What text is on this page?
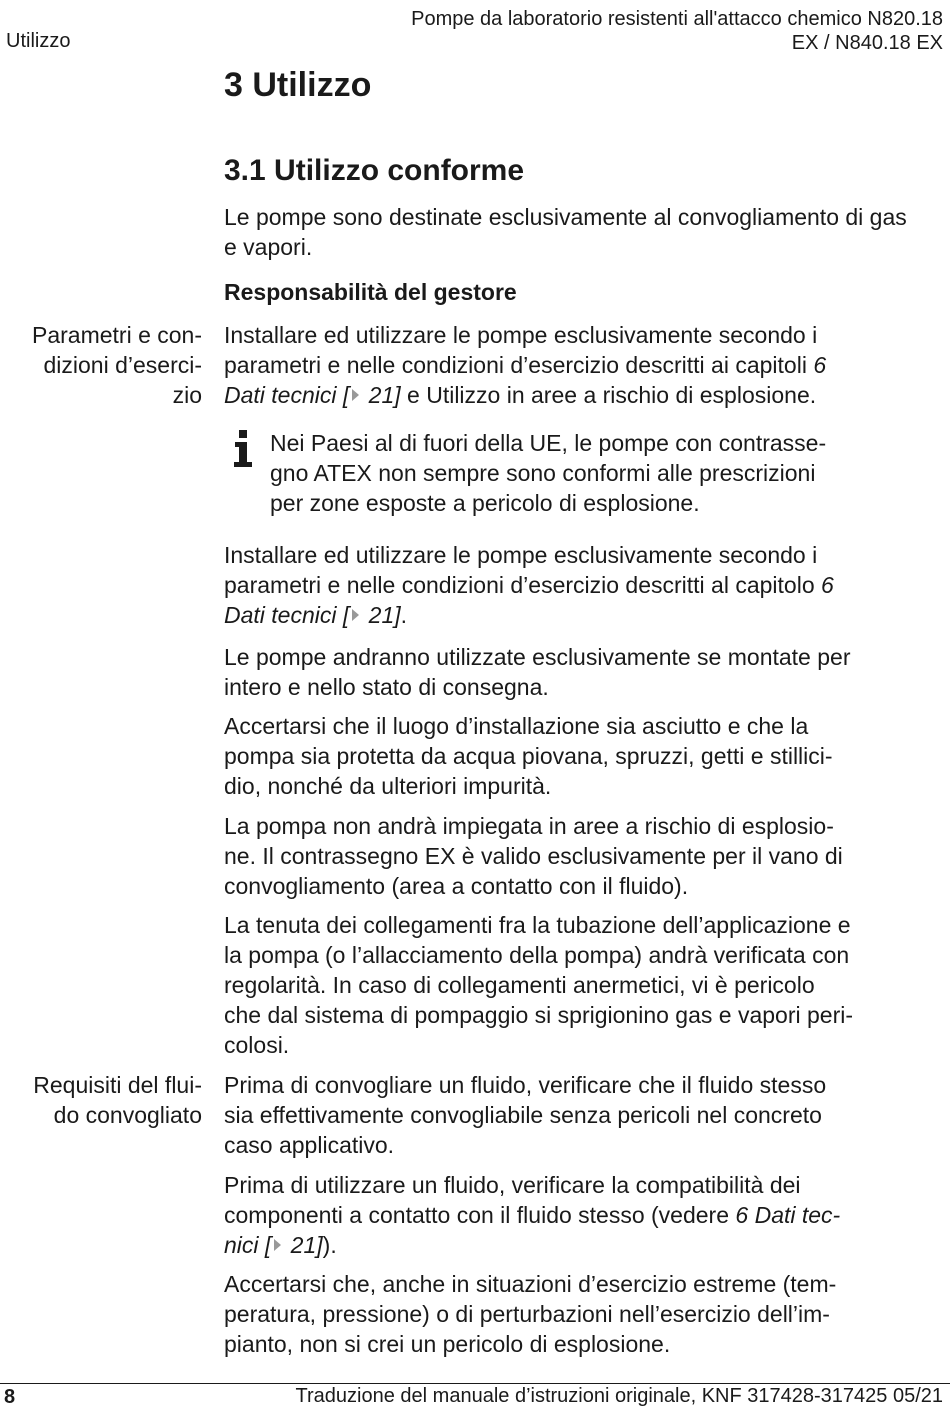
Utilizzo
Pompe da laboratorio resistenti all'attacco chemico N820.18
EX / N840.18 EX
3 Utilizzo
3.1 Utilizzo conforme
Le pompe sono destinate esclusivamente al convogliamento di gas e vapori.
Responsabilità del gestore
Parametri e con-
dizioni d’eserci-
zio
Requisiti del flui-
do convogliato
Installare ed utilizzare le pompe esclusivamente secondo i
parametri e nelle condizioni d’esercizio descritti ai capitoli 6
Dati tecnici [ 21] e Utilizzo in aree a rischio di esplosione.
Nei Paesi al di fuori della UE, le pompe con contrasse-
gno ATEX non sempre sono conformi alle prescrizioni
per zone esposte a pericolo di esplosione.
Installare ed utilizzare le pompe esclusivamente secondo i
parametri e nelle condizioni d’esercizio descritti al capitolo 6
Dati tecnici [ 21].
Le pompe andranno utilizzate esclusivamente se montate per
intero e nello stato di consegna.
Accertarsi che il luogo d’installazione sia asciutto e che la
pompa sia protetta da acqua piovana, spruzzi, getti e stillici-
dio, nonché da ulteriori impurità.
La pompa non andrà impiegata in aree a rischio di esplosio-
ne. Il contrassegno EX è valido esclusivamente per il vano di
convogliamento (area a contatto con il fluido).
La tenuta dei collegamenti fra la tubazione dell’applicazione e
la pompa (o l’allacciamento della pompa) andrà verificata con
regolarità. In caso di collegamenti anermetici, vi è pericolo
che dal sistema di pompaggio si sprigionino gas e vapori peri-
colosi.
Prima di convogliare un fluido, verificare che il fluido stesso
sia effettivamente convogliabile senza pericoli nel concreto
caso applicativo.
Prima di utilizzare un fluido, verificare la compatibilità dei
componenti a contatto con il fluido stesso (vedere 6 Dati tec-
nici [ 21]).
Accertarsi che, anche in situazioni d’esercizio estreme (tem-
peratura, pressione) o di perturbazioni nell’esercizio dell’im-
pianto, non si crei un pericolo di esplosione.
8	Traduzione del manuale d’istruzioni originale, KNF 317428-317425 05/21
